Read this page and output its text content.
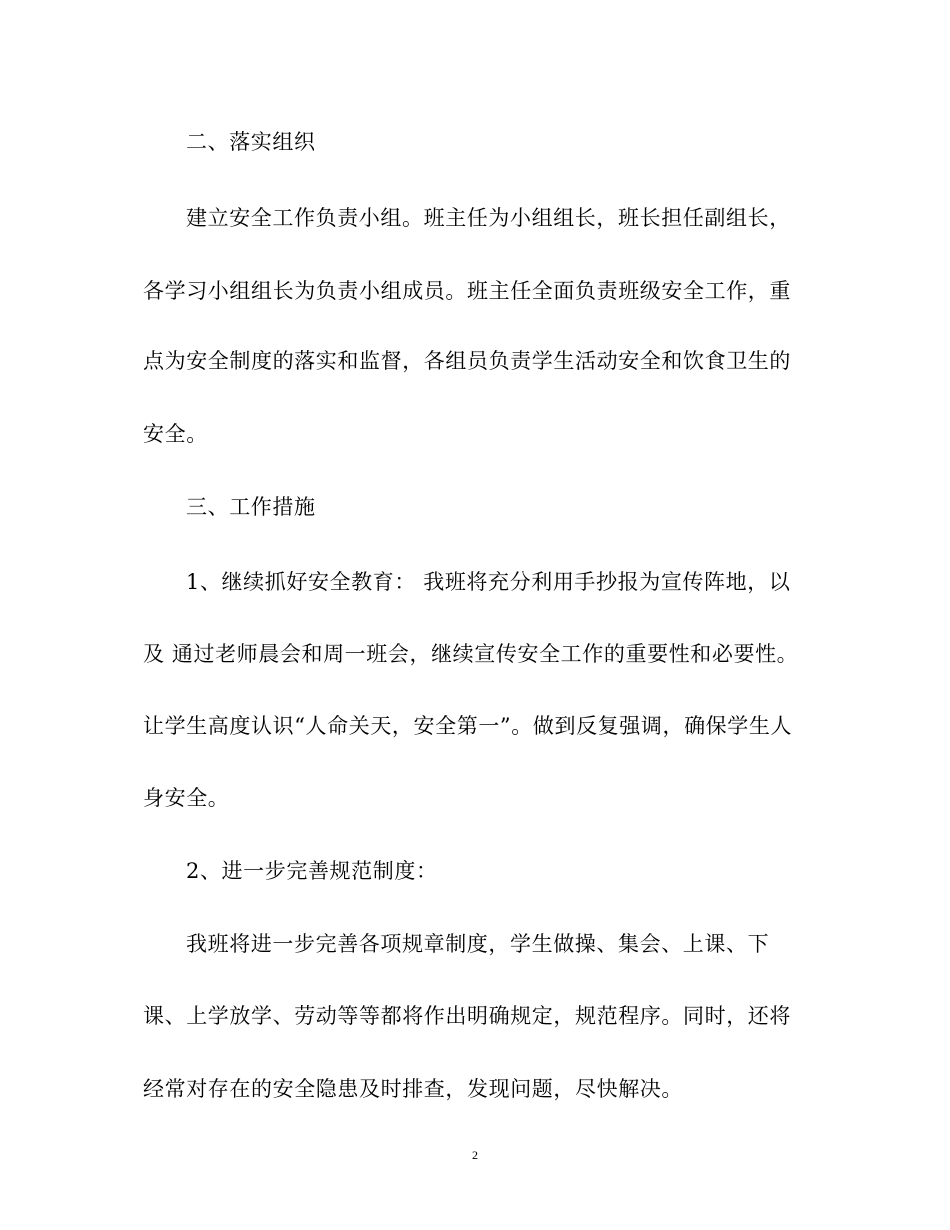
二、落实组织
建立安全工作负责小组。班主任为小组组长，班长担任副组长，
各学习小组组长为负责小组成员。班主任全面负责班级安全工作，重
点为安全制度的落实和监督，各组员负责学生活动安全和饮食卫生的
安全。
三、工作措施
1、继续抓好安全教育： 我班将充分利用手抄报为宣传阵地，以
及 通过老师晨会和周一班会，继续宣传安全工作的重要性和必要性。
让学生高度认识“人命关天，安全第一”。做到反复强调，确保学生人
身安全。
2、进一步完善规范制度：
我班将进一步完善各项规章制度，学生做操、集会、上课、下
课、上学放学、劳动等等都将作出明确规定，规范程序。同时，还将
经常对存在的安全隐患及时排查，发现问题，尽快解决。
2
